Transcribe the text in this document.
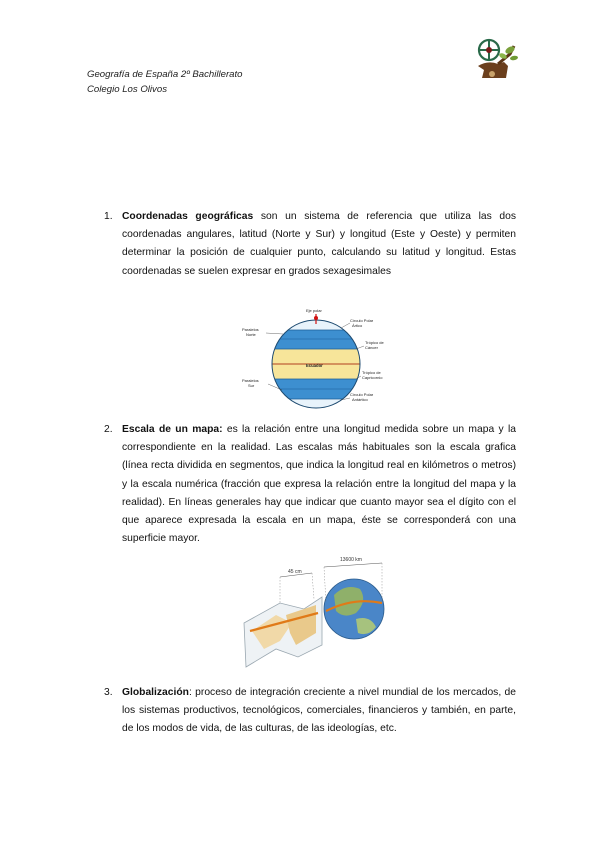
Geografía de España 2º Bachillerato
Colegio Los Olivos
1. Coordenadas geográficas son un sistema de referencia que utiliza las dos coordenadas angulares, latitud (Norte y Sur) y longitud (Este y Oeste) y permiten determinar la posición de cualquier punto, calculando su latitud y longitud. Estas coordenadas se suelen expresar en grados sexagesimales
Eje polar
Círculo Polar
Ártico
Paralelos
Norte
Trópico de
Cáncer
Ecuador
Trópico de
Capricornio
Paralelos
Sur
Círculo Polar
Antártico
2. Escala de un mapa: es la relación entre una longitud medida sobre un mapa y la correspondiente en la realidad. Las escalas más habituales son la escala grafica (línea recta dividida en segmentos, que indica la longitud real en kilómetros o metros) y la escala numérica (fracción que expresa la relación entre la longitud del mapa y la realidad). En líneas generales hay que indicar que cuanto mayor sea el dígito con el que aparece expresada la escala en un mapa, éste se corresponderá con una superficie mayor.
45 cm
13600 km
3. Globalización: proceso de integración creciente a nivel mundial de los mercados, de los sistemas productivos, tecnológicos, comerciales, financieros y también, en parte, de los modos de vida, de las culturas, de las ideologías, etc.
